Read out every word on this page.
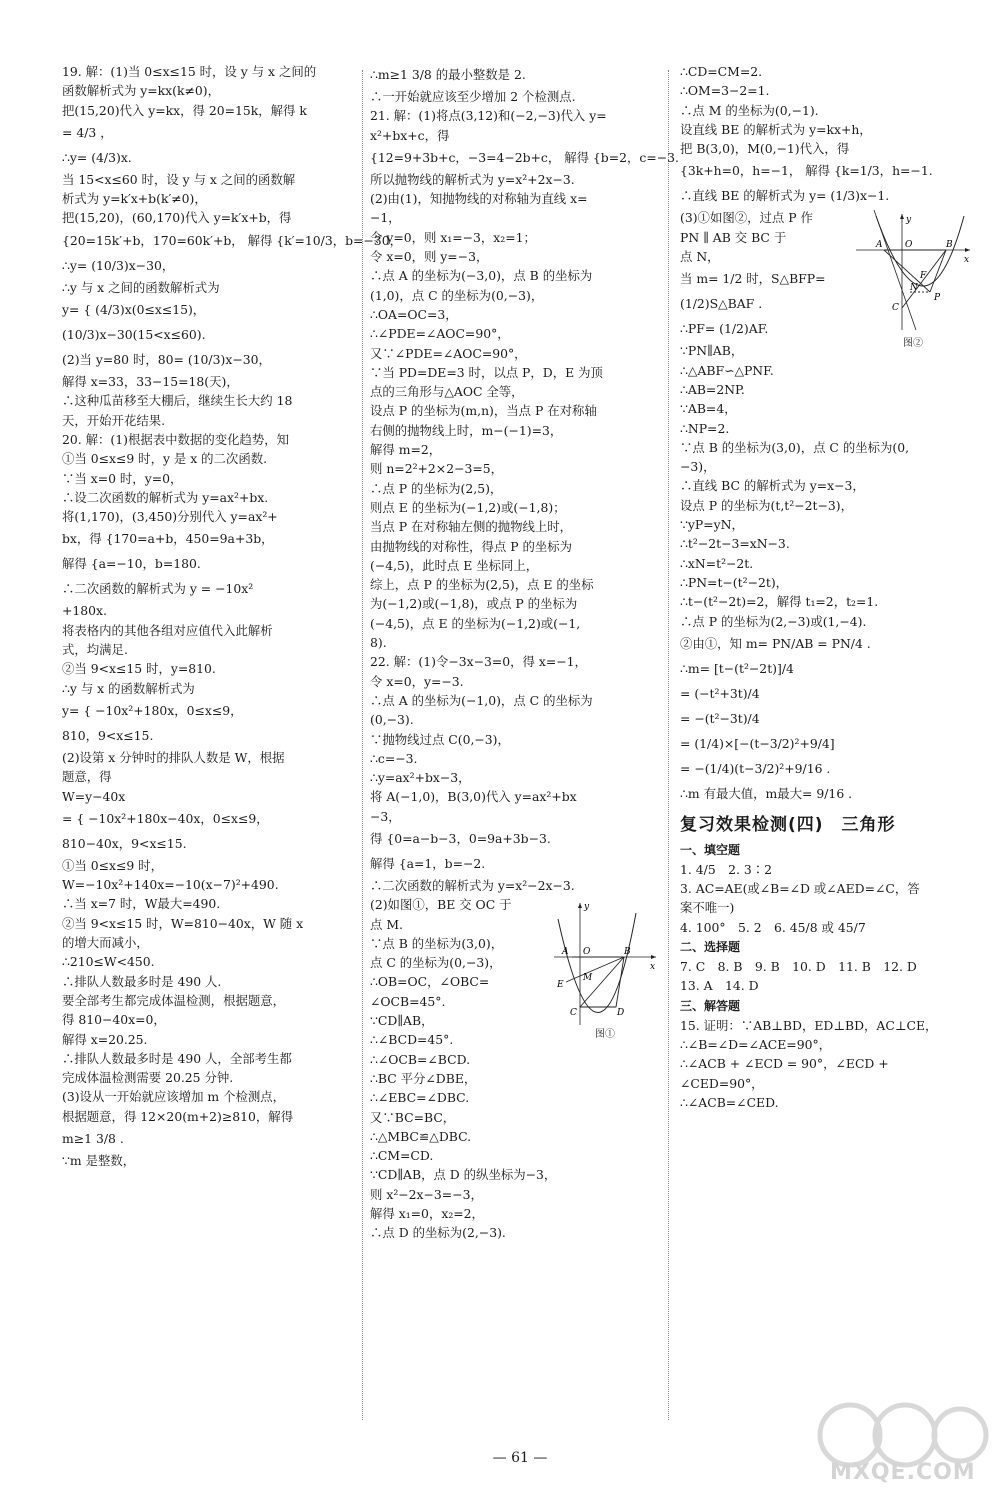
19. 解：(1)当 0≤x≤15 时，设 y 与 x 之间的
函数解析式为 y=kx(k≠0)，
把(15,20)代入 y=kx，得 20=15k，解得 k
= 4/3 ，
∴y= (4/3)x.
当 15<x≤60 时，设 y 与 x 之间的函数解
析式为 y=k′x+b(k′≠0)，
把(15,20)，(60,170)代入 y=k′x+b，得
{20=15k′+b，170=60k′+b， 解得 {k′=10/3，b=−30，
∴y= (10/3)x−30，
∴y 与 x 之间的函数解析式为
y= { (4/3)x(0≤x≤15)，
(10/3)x−30(15<x≤60).
(2)当 y=80 时，80= (10/3)x−30，
解得 x=33，33−15=18(天)，
∴这种瓜苗移至大棚后，继续生长大约 18
天，开始开花结果.
20. 解：(1)根据表中数据的变化趋势，知
①当 0≤x≤9 时，y 是 x 的二次函数.
∵当 x=0 时，y=0，
∴设二次函数的解析式为 y=ax²+bx.
将(1,170)，(3,450)分别代入 y=ax²+
bx，得 {170=a+b，450=9a+3b，
解得 {a=−10，b=180.
∴二次函数的解析式为 y = −10x²
+180x.
将表格内的其他各组对应值代入此解析
式，均满足.
②当 9<x≤15 时，y=810.
∴y 与 x 的函数解析式为
y= { −10x²+180x，0≤x≤9，
810，9<x≤15.
(2)设第 x 分钟时的排队人数是 W，根据
题意，得
W=y−40x
= { −10x²+180x−40x，0≤x≤9，
810−40x，9<x≤15.
①当 0≤x≤9 时，
W=−10x²+140x=−10(x−7)²+490.
∴当 x=7 时，W最大=490.
②当 9<x≤15 时，W=810−40x，W 随 x
的增大而减小，
∴210≤W<450.
∴排队人数最多时是 490 人.
要全部考生都完成体温检测，根据题意，
得 810−40x=0，
解得 x=20.25.
∴排队人数最多时是 490 人，全部考生都
完成体温检测需要 20.25 分钟.
(3)设从一开始就应该增加 m 个检测点，
根据题意，得 12×20(m+2)≥810，解得
m≥1 3/8 .
∵m 是整数，
∴m≥1 3/8 的最小整数是 2.
∴一开始就应该至少增加 2 个检测点.
21. 解：(1)将点(3,12)和(−2,−3)代入 y=
x²+bx+c，得
{12=9+3b+c，−3=4−2b+c， 解得 {b=2，c=−3.
所以抛物线的解析式为 y=x²+2x−3.
(2)由(1)，知抛物线的对称轴为直线 x=
−1，
令 y=0，则 x₁=−3，x₂=1；
令 x=0，则 y=−3，
∴点 A 的坐标为(−3,0)，点 B 的坐标为
(1,0)，点 C 的坐标为(0,−3)，
∴OA=OC=3，
∴∠PDE=∠AOC=90°，
又∵∠PDE=∠AOC=90°，
∵当 PD=DE=3 时，以点 P，D，E 为顶
点的三角形与△AOC 全等，
设点 P 的坐标为(m,n)，当点 P 在对称轴
右侧的抛物线上时，m−(−1)=3，
解得 m=2，
则 n=2²+2×2−3=5，
∴点 P 的坐标为(2,5)，
则点 E 的坐标为(−1,2)或(−1,8)；
当点 P 在对称轴左侧的抛物线上时，
由抛物线的对称性，得点 P 的坐标为
(−4,5)，此时点 E 坐标同上，
综上，点 P 的坐标为(2,5)，点 E 的坐标
为(−1,2)或(−1,8)，或点 P 的坐标为
(−4,5)，点 E 的坐标为(−1,2)或(−1,
8).
22. 解：(1)令−3x−3=0，得 x=−1，
令 x=0，y=−3.
∴点 A 的坐标为(−1,0)，点 C 的坐标为
(0,−3).
∵抛物线过点 C(0,−3)，
∴c=−3.
∴y=ax²+bx−3，
将 A(−1,0)，B(3,0)代入 y=ax²+bx
−3，
得 {0=a−b−3，0=9a+3b−3.
解得 {a=1，b=−2.
∴二次函数的解析式为 y=x²−2x−3.
y
A O	B
x
E
M
C	D
图①
(2)如图①，BE 交 OC 于
点 M.
∵点 B 的坐标为(3,0)，
点 C 的坐标为(0,−3)，
∴OB=OC，∠OBC=
∠OCB=45°.
∵CD∥AB，
∴∠BCD=45°.
∴∠OCB=∠BCD.
∴BC 平分∠DBE，
∴∠EBC=∠DBC.
又∵BC=BC，
∴△MBC≌△DBC.
∴CM=CD.
∵CD∥AB，点 D 的纵坐标为−3，
则 x²−2x−3=−3，
解得 x₁=0，x₂=2，
∴点 D 的坐标为(2,−3).
∴CD=CM=2.
∴OM=3−2=1.
∴点 M 的坐标为(0,−1).
设直线 BE 的解析式为 y=kx+h，
把 B(3,0)，M(0,−1)代入，得
{3k+h=0，h=−1， 解得 {k=1/3，h=−1.
∴直线 BE 的解析式为 y= (1/3)x−1.
y
A	O	B
x
F
N
C
P
图②
(3)①如图②，过点 P 作
PN ∥ AB 交 BC 于
点 N，
当 m= 1/2 时，S△BFP=
(1/2)S△BAF .
∴PF= (1/2)AF.
∵PN∥AB，
∴△ABF∽△PNF.
∴AB=2NP.
∵AB=4，
∴NP=2.
∵点 B 的坐标为(3,0)，点 C 的坐标为(0,
−3)，
∴直线 BC 的解析式为 y=x−3，
设点 P 的坐标为(t,t²−2t−3)，
∵yP=yN，
∴t²−2t−3=xN−3.
∴xN=t²−2t.
∴PN=t−(t²−2t)，
∴t−(t²−2t)=2，解得 t₁=2，t₂=1.
∴点 P 的坐标为(2,−3)或(1,−4).
②由①，知 m= PN/AB = PN/4 .
∴m= [t−(t²−2t)]/4
= (−t²+3t)/4
= −(t²−3t)/4
= (1/4)×[−(t−3/2)²+9/4]
= −(1/4)(t−3/2)²+9/16 .
∴m 有最大值，m最大= 9/16 .
复习效果检测(四)　三角形
一、填空题
1. 4/5　2. 3∶2
3. AC=AE(或∠B=∠D 或∠AED=∠C，答
案不唯一)
4. 100°　5. 2　6. 45/8 或 45/7
二、选择题
7. C　8. B　9. B　10. D　11. B　12. D
13. A　14. D
三、解答题
15. 证明：∵AB⊥BD，ED⊥BD，AC⊥CE，
∴∠B=∠D=∠ACE=90°，
∴∠ACB + ∠ECD = 90°，∠ECD +
∠CED=90°，
∴∠ACB=∠CED.
— 61 —
MXQE.COM
